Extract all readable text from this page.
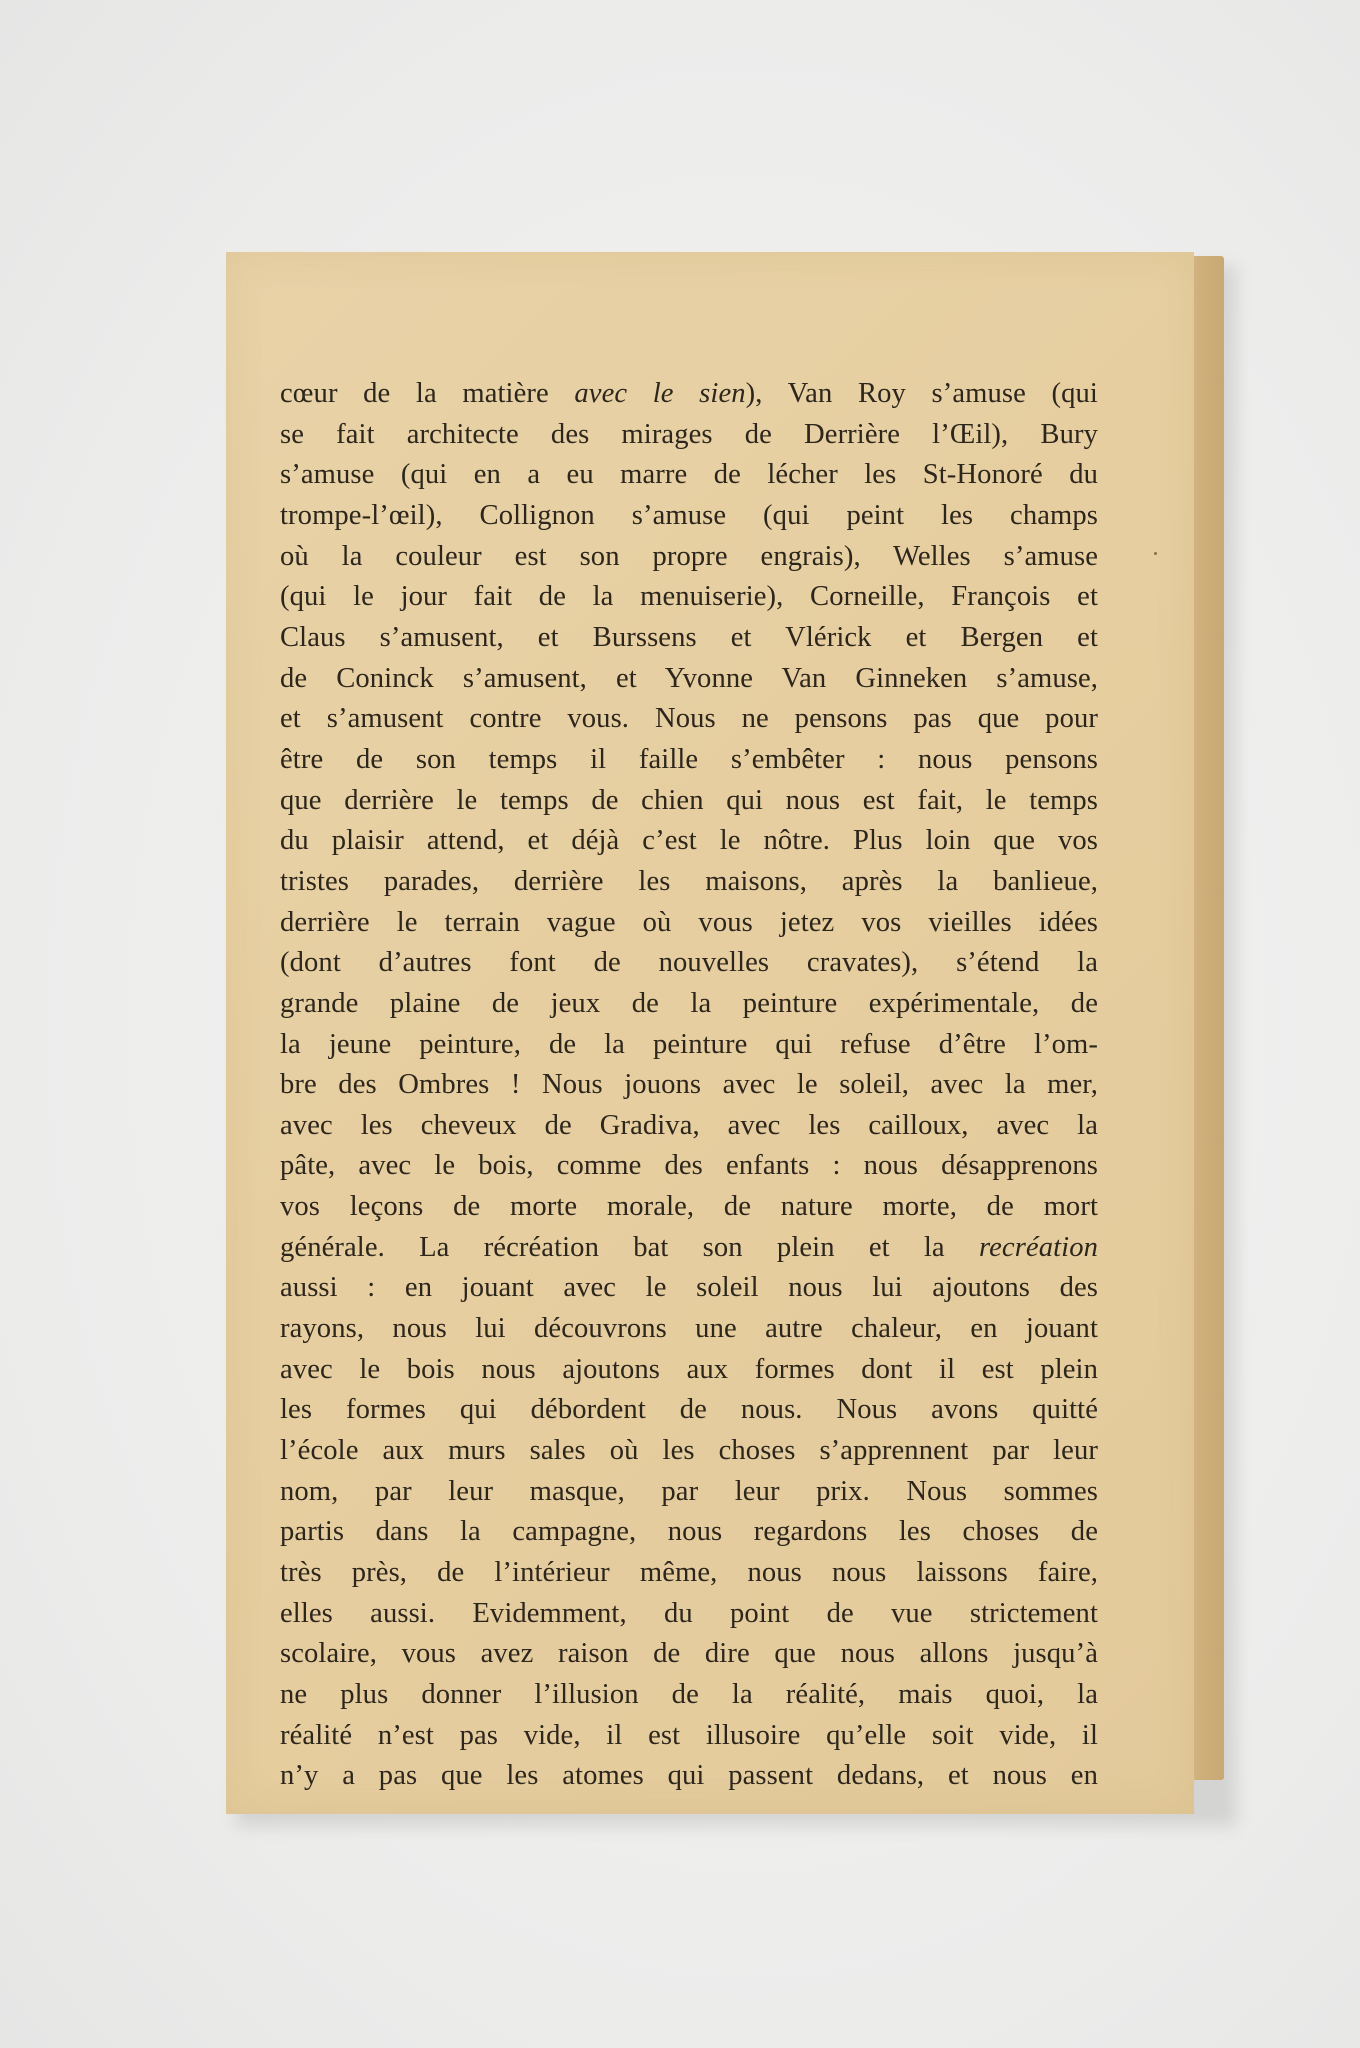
cœur de la matière avec le sien), Van Roy s’amuse (qui
se fait architecte des mirages de Derrière l’Œil), Bury
s’amuse (qui en a eu marre de lécher les St-Honoré du
trompe-l’œil), Collignon s’amuse (qui peint les champs
où la couleur est son propre engrais), Welles s’amuse
(qui le jour fait de la menuiserie), Corneille, François et
Claus s’amusent, et Burssens et Vlérick et Bergen et
de Coninck s’amusent, et Yvonne Van Ginneken s’amuse,
et s’amusent contre vous. Nous ne pensons pas que pour
être de son temps il faille s’embêter : nous pensons
que derrière le temps de chien qui nous est fait, le temps
du plaisir attend, et déjà c’est le nôtre. Plus loin que vos
tristes parades, derrière les maisons, après la banlieue,
derrière le terrain vague où vous jetez vos vieilles idées
(dont d’autres font de nouvelles cravates), s’étend la
grande plaine de jeux de la peinture expérimentale, de
la jeune peinture, de la peinture qui refuse d’être l’om-
bre des Ombres ! Nous jouons avec le soleil, avec la mer,
avec les cheveux de Gradiva, avec les cailloux, avec la
pâte, avec le bois, comme des enfants : nous désapprenons
vos leçons de morte morale, de nature morte, de mort
générale. La récréation bat son plein et la recréation
aussi : en jouant avec le soleil nous lui ajoutons des
rayons, nous lui découvrons une autre chaleur, en jouant
avec le bois nous ajoutons aux formes dont il est plein
les formes qui débordent de nous. Nous avons quitté
l’école aux murs sales où les choses s’apprennent par leur
nom, par leur masque, par leur prix. Nous sommes
partis dans la campagne, nous regardons les choses de
très près, de l’intérieur même, nous nous laissons faire,
elles aussi. Evidemment, du point de vue strictement
scolaire, vous avez raison de dire que nous allons jusqu’à
ne plus donner l’illusion de la réalité, mais quoi, la
réalité n’est pas vide, il est illusoire qu’elle soit vide, il
n’y a pas que les atomes qui passent dedans, et nous en
